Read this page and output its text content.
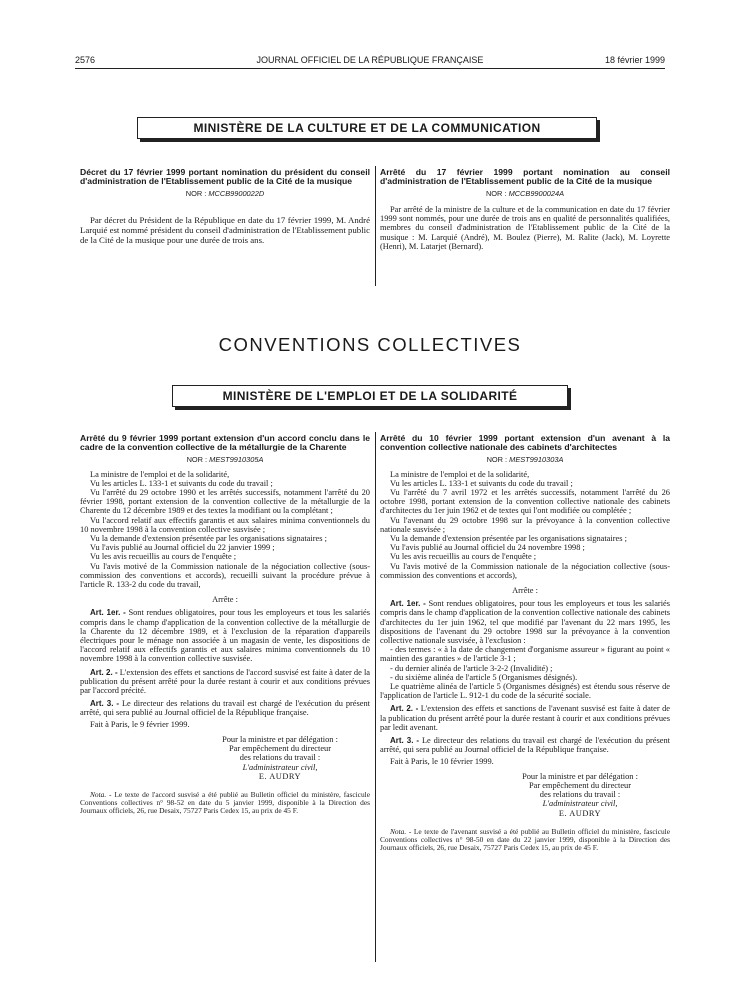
2576	JOURNAL OFFICIEL DE LA RÉPUBLIQUE FRANÇAISE	18 février 1999
MINISTÈRE DE LA CULTURE ET DE LA COMMUNICATION
Décret du 17 février 1999 portant nomination du président du conseil d'administration de l'Etablissement public de la Cité de la musique
NOR : MCCB9900022D

Par décret du Président de la République en date du 17 février 1999, M. André Larquié est nommé président du conseil d'administration de l'Etablissement public de la Cité de la musique pour une durée de trois ans.

Arrêté du 17 février 1999 portant nomination au conseil d'administration de l'Etablissement public de la Cité de la musique
NOR : MCCB9900024A

Par arrêté de la ministre de la culture et de la communication en date du 17 février 1999 sont nommés, pour une durée de trois ans en qualité de personnalités qualifiées, membres du conseil d'administration de l'Etablissement public de la Cité de la musique : M. Larquié (André), M. Boulez (Pierre), M. Ralite (Jack), M. Loyrette (Henri), M. Latarjet (Bernard).

CONVENTIONS COLLECTIVES
MINISTÈRE DE L'EMPLOI ET DE LA SOLIDARITÉ
Arrêté du 9 février 1999 portant extension d'un accord conclu dans le cadre de la convention collective de la métallurgie de la Charente
NOR : MEST9910305A

La ministre de l'emploi et de la solidarité,

Vu les articles L. 133-1 et suivants du code du travail ;

Vu l'arrêté du 29 octobre 1990 et les arrêtés successifs, notamment l'arrêté du 20 février 1998, portant extension de la convention collective de la métallurgie de la Charente du 12 décembre 1989 et des textes la modifiant ou la complétant ;

Vu l'accord relatif aux effectifs garantis et aux salaires minima conventionnels du 10 novembre 1998 à la convention collective susvisée ;

Vu la demande d'extension présentée par les organisations signataires ;

Vu l'avis publié au Journal officiel du 22 janvier 1999 ;

Vu les avis recueillis au cours de l'enquête ;

Vu l'avis motivé de la Commission nationale de la négociation collective (sous-commission des conventions et accords), recueilli suivant la procédure prévue à l'article R. 133-2 du code du travail,

Arrête :

Art. 1er. - Sont rendues obligatoires, pour tous les employeurs et tous les salariés compris dans le champ d'application de la convention collective de la métallurgie de la Charente du 12 décembre 1989, et à l'exclusion de la réparation d'appareils électriques pour le ménage non associée à un magasin de vente, les dispositions de l'accord relatif aux effectifs garantis et aux salaires minima conventionnels du 10 novembre 1998 à la convention collective susvisée.

Art. 2. - L'extension des effets et sanctions de l'accord susvisé est faite à dater de la publication du présent arrêté pour la durée restant à courir et aux conditions prévues par l'accord précité.

Art. 3. - Le directeur des relations du travail est chargé de l'exécution du présent arrêté, qui sera publié au Journal officiel de la République française.

Fait à Paris, le 9 février 1999.

Pour la ministre et par délégation :
Par empêchement du directeur
des relations du travail :
L'administrateur civil,
E. AUDRY
Nota. - Le texte de l'accord susvisé a été publié au Bulletin officiel du ministère, fascicule Conventions collectives n° 98-52 en date du 5 janvier 1999, disponible à la Direction des Journaux officiels, 26, rue Desaix, 75727 Paris Cedex 15, au prix de 45 F.
Arrêté du 10 février 1999 portant extension d'un avenant à la convention collective nationale des cabinets d'architectes
NOR : MEST9910303A

La ministre de l'emploi et de la solidarité,

Vu les articles L. 133-1 et suivants du code du travail ;

Vu l'arrêté du 7 avril 1972 et les arrêtés successifs, notamment l'arrêté du 26 octobre 1998, portant extension de la convention collective nationale des cabinets d'architectes du 1er juin 1962 et de textes qui l'ont modifiée ou complétée ;

Vu l'avenant du 29 octobre 1998 sur la prévoyance à la convention collective nationale susvisée ;

Vu la demande d'extension présentée par les organisations signataires ;

Vu l'avis publié au Journal officiel du 24 novembre 1998 ;

Vu les avis recueillis au cours de l'enquête ;

Vu l'avis motivé de la Commission nationale de la négociation collective (sous-commission des conventions et accords),

Arrête :

Art. 1er. - Sont rendues obligatoires, pour tous les employeurs et tous les salariés compris dans le champ d'application de la convention collective nationale des cabinets d'architectes du 1er juin 1962, tel que modifié par l'avenant du 22 mars 1995, les dispositions de l'avenant du 29 octobre 1998 sur la prévoyance à la convention collective nationale susvisée, à l'exclusion :

- des termes : « à la date de changement d'organisme assureur » figurant au point « maintien des garanties » de l'article 3-1 ;

- du dernier alinéa de l'article 3-2-2 (Invalidité) ;

- du sixième alinéa de l'article 5 (Organismes désignés).

Le quatrième alinéa de l'article 5 (Organismes désignés) est étendu sous réserve de l'application de l'article L. 912-1 du code de la sécurité sociale.

Art. 2. - L'extension des effets et sanctions de l'avenant susvisé est faite à dater de la publication du présent arrêté pour la durée restant à courir et aux conditions prévues par ledit avenant.

Art. 3. - Le directeur des relations du travail est chargé de l'exécution du présent arrêté, qui sera publié au Journal officiel de la République française.

Fait à Paris, le 10 février 1999.

Pour la ministre et par délégation :
Par empêchement du directeur
des relations du travail :
L'administrateur civil,
E. AUDRY
Nota. - Le texte de l'avenant susvisé a été publié au Bulletin officiel du ministère, fascicule Conventions collectives n° 98-50 en date du 22 janvier 1999, disponible à la Direction des Journaux officiels, 26, rue Desaix, 75727 Paris Cedex 15, au prix de 45 F.
